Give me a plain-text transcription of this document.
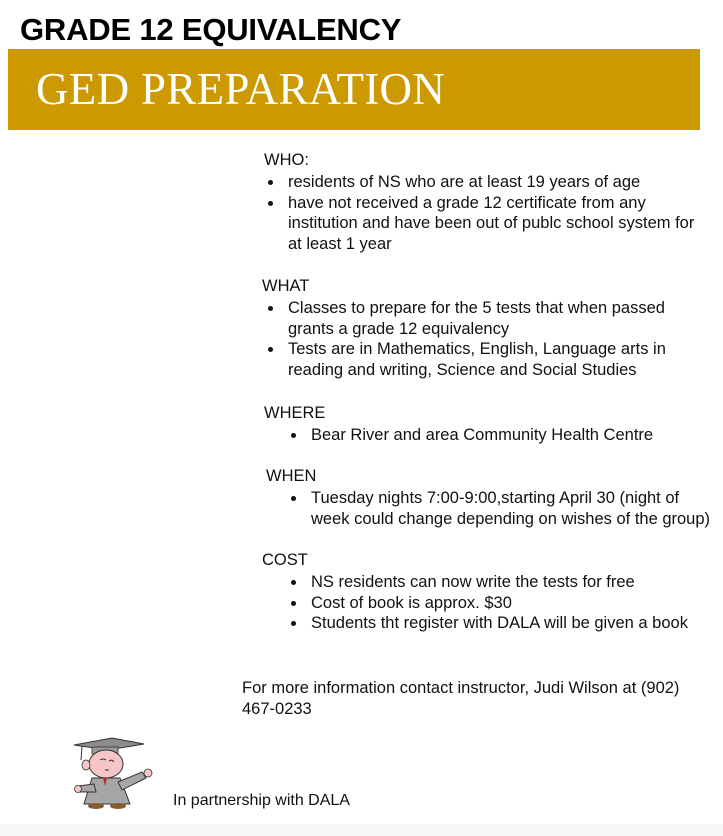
GRADE 12 EQUIVALENCY
GED PREPARATION
WHO:
residents of NS who are at least 19 years of age
have not received a grade 12 certificate from any institution and have been out of publc school system for at least 1 year
WHAT
Classes to prepare for the 5 tests that when passed grants a grade 12 equivalency
Tests are in Mathematics, English, Language arts in reading and writing, Science and Social Studies
WHERE
Bear River and area Community Health Centre
WHEN
Tuesday nights 7:00-9:00,starting April 30 (night of week could change depending on wishes of the group)
COST
NS residents can now write the tests for free
Cost of book is approx. $30
Students tht register with DALA will be given a book
For more information contact instructor, Judi Wilson at (902) 467-0233
In partnership with DALA
